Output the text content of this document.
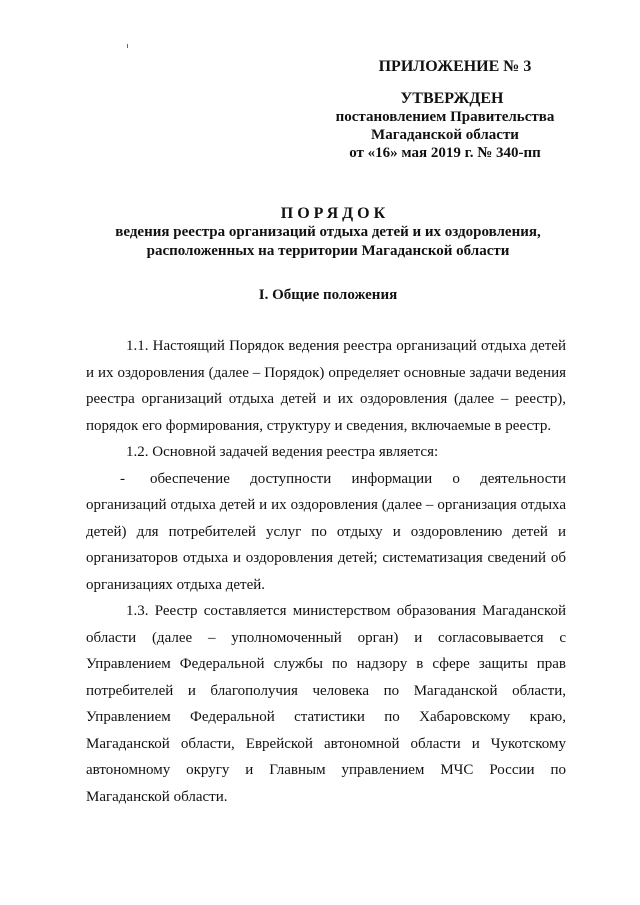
ПРИЛОЖЕНИЕ № 3
УТВЕРЖДЕН
постановлением Правительства
Магаданской области
от «16» мая 2019 г. № 340-пп
ПОРЯДОК
ведения реестра организаций отдыха детей и их оздоровления,
расположенных на территории Магаданской области
I. Общие положения

1.1. Настоящий Порядок ведения реестра организаций отдыха детей и их оздоровления (далее – Порядок) определяет основные задачи ведения реестра организаций отдыха детей и их оздоровления (далее – реестр), порядок его формирования, структуру и сведения, включаемые в реестр.

1.2. Основной задачей ведения реестра является:

- обеспечение доступности информации о деятельности организаций отдыха детей и их оздоровления (далее – организация отдыха детей) для потребителей услуг по отдыху и оздоровлению детей и организаторов отдыха и оздоровления детей; систематизация сведений об организациях отдыха детей.

1.3. Реестр составляется министерством образования Магаданской области (далее – уполномоченный орган) и согласовывается с Управлением Федеральной службы по надзору в сфере защиты прав потребителей и благополучия человека по Магаданской области, Управлением Федеральной статистики по Хабаровскому краю, Магаданской области, Еврейской автономной области и Чукотскому автономному округу и Главным управлением МЧС России по Магаданской области.
